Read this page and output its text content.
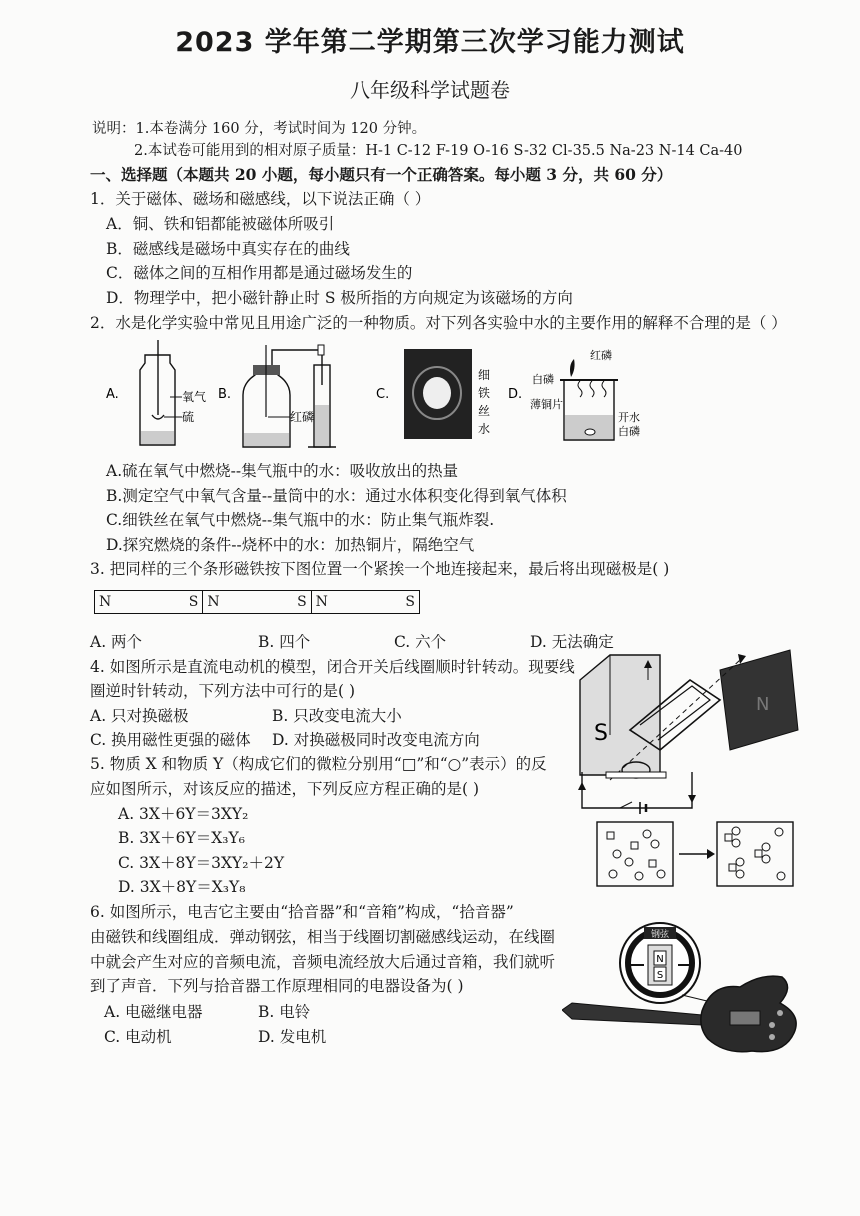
2023 学年第二学期第三次学习能力测试
八年级科学试题卷
说明：1.本卷满分 160 分，考试时间为 120 分钟。
2.本试卷可能用到的相对原子质量：H-1 C-12 F-19 O-16 S-32 Cl-35.5 Na-23 N-14 Ca-40
一、选择题（本题共 20 小题，每小题只有一个正确答案。每小题 3 分，共 60 分）
1．关于磁体、磁场和磁感线，以下说法正确（ ）
A．铜、铁和铝都能被磁体所吸引
B．磁感线是磁场中真实存在的曲线
C．磁体之间的互相作用都是通过磁场发生的
D．物理学中，把小磁针静止时 S 极所指的方向规定为该磁场的方向
2．水是化学实验中常见且用途广泛的一种物质。对下列各实验中水的主要作用的解释不合理的是（ ）
A.	氧气
硫
B.
红磷
C.
细
铁
丝
水
D.
白磷
红磷
薄铜片
开水
白磷
A.硫在氧气中燃烧--集气瓶中的水：吸收放出的热量
B.测定空气中氧气含量--量筒中的水：通过水体积变化得到氧气体积
C.细铁丝在氧气中燃烧--集气瓶中的水：防止集气瓶炸裂.
D.探究燃烧的条件--烧杯中的水：加热铜片，隔绝空气
3. 把同样的三个条形磁铁按下图位置一个紧挨一个地连接起来，最后将出现磁极是( )
N	S N	S N	S
A. 两个	B. 四个	C. 六个	D. 无法确定
4. 如图所示是直流电动机的模型，闭合开关后线圈顺时针转动。现要线
圈逆时针转动，下列方法中可行的是( )
A. 只对换磁极	B. 只改变电流大小
C. 换用磁性更强的磁体 D. 对换磁极同时改变电流方向	S
N
5. 物质 X 和物质 Y（构成它们的微粒分别用“□”和“○”表示）的反
应如图所示，对该反应的描述，下列反应方程正确的是( )
A. 3X＋6Y＝3XY₂
B. 3X＋6Y＝X₃Y₆
C. 3X＋8Y＝3XY₂＋2Y
D. 3X＋8Y＝X₃Y₈
6. 如图所示，电吉它主要由“拾音器”和“音箱”构成，“拾音器”
由磁铁和线圈组成．弹动钢弦，相当于线圈切割磁感线运动，在线圈
中就会产生对应的音频电流，音频电流经放大后通过音箱，我们就听
到了声音．下列与拾音器工作原理相同的电器设备为( )
A. 电磁继电器	B. 电铃
C. 电动机	D. 发电机
钢弦
N
S
